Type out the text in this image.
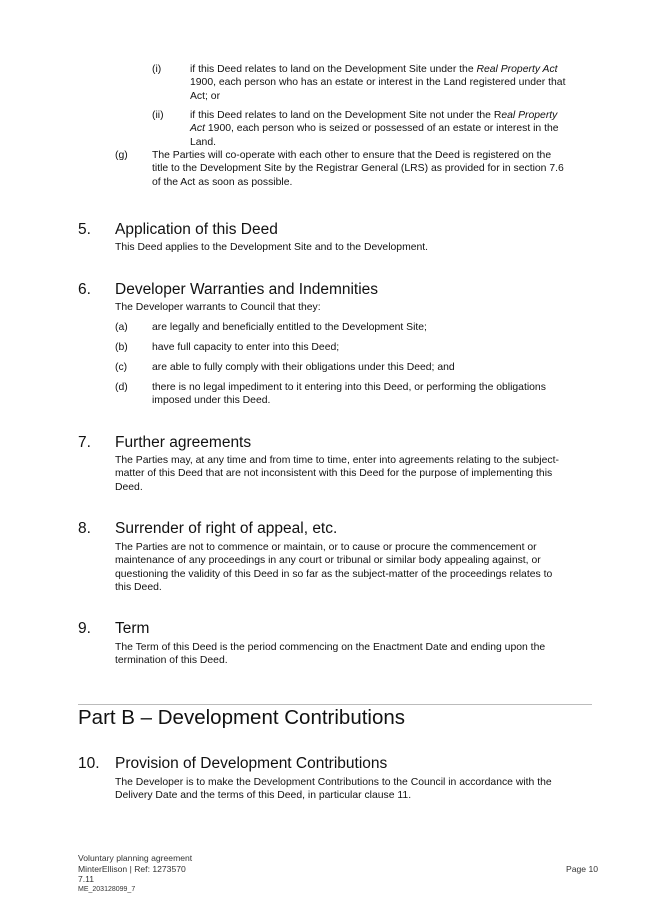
(i)	if this Deed relates to land on the Development Site under the Real Property Act
1900, each person who has an estate or interest in the Land registered under that
Act; or
(ii)	if this Deed relates to land on the Development Site not under the Real Property
Act 1900, each person who is seized or possessed of an estate or interest in the
Land.
(g) The Parties will co-operate with each other to ensure that the Deed is registered on the
title to the Development Site by the Registrar General (LRS) as provided for in section 7.6
of the Act as soon as possible.
5. Application of this Deed
This Deed applies to the Development Site and to the Development.
6. Developer Warranties and Indemnities
The Developer warrants to Council that they:
(a) are legally and beneficially entitled to the Development Site;
(b) have full capacity to enter into this Deed;
(c) are able to fully comply with their obligations under this Deed; and
(d) there is no legal impediment to it entering into this Deed, or performing the obligations
imposed under this Deed.
7. Further agreements
The Parties may, at any time and from time to time, enter into agreements relating to the subject-
matter of this Deed that are not inconsistent with this Deed for the purpose of implementing this
Deed.
8. Surrender of right of appeal, etc.
The Parties are not to commence or maintain, or to cause or procure the commencement or
maintenance of any proceedings in any court or tribunal or similar body appealing against, or
questioning the validity of this Deed in so far as the subject-matter of the proceedings relates to
this Deed.
9. Term
The Term of this Deed is the period commencing on the Enactment Date and ending upon the
termination of this Deed.
10. Provision of Development Contributions
The Developer is to make the Development Contributions to the Council in accordance with the
Delivery Date and the terms of this Deed, in particular clause 11.
Part B – Development Contributions
Voluntary planning agreement
MinterEllison | Ref: 1273570
7.11
ME_203128099_7
Page 10
